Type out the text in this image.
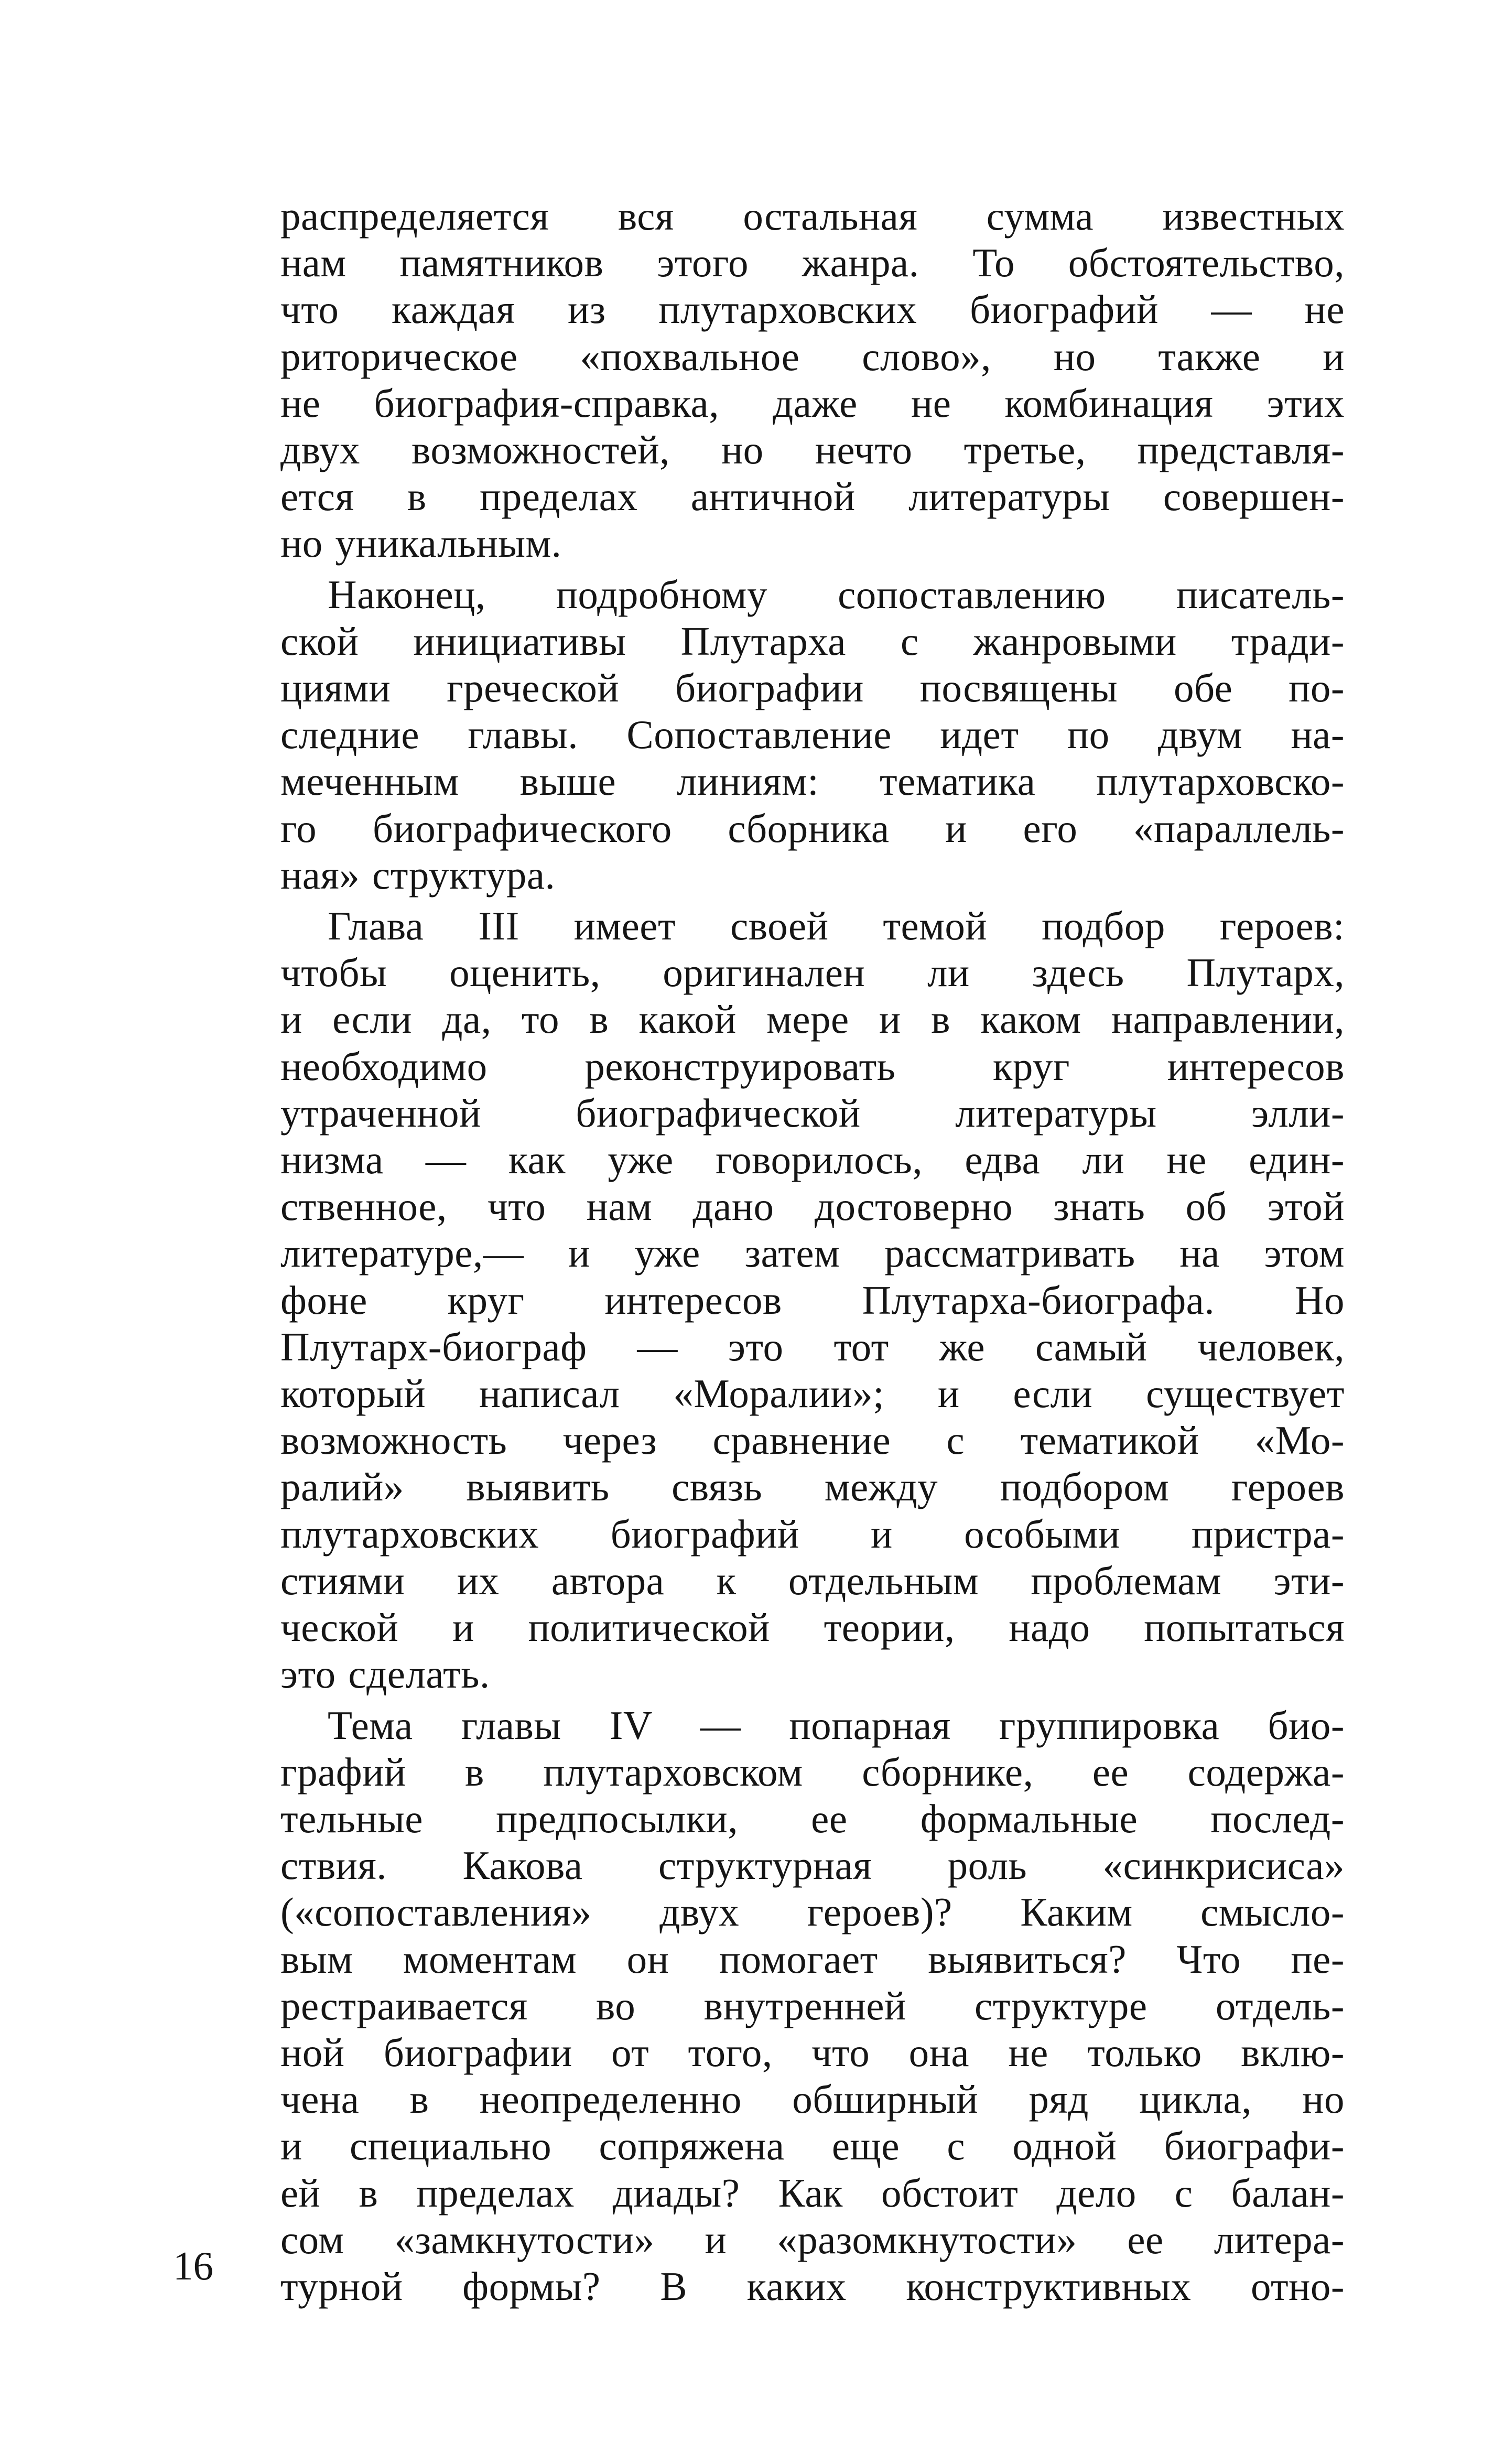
распределяется вся остальная сумма известных
нам памятников этого жанра. То обстоятельство,
что каждая из плутарховских биографий — не
риторическое «похвальное слово», но также и
не биография-справка, даже не комбинация этих
двух возможностей, но нечто третье, представля-
ется в пределах античной литературы совершен-
но уникальным.
Наконец, подробному сопоставлению писатель-
ской инициативы Плутарха с жанровыми тради-
циями греческой биографии посвящены обе по-
следние главы. Сопоставление идет по двум на-
меченным выше линиям: тематика плутарховско-
го биографического сборника и его «параллель-
ная» структура.
Глава III имеет своей темой подбор героев:
чтобы оценить, оригинален ли здесь Плутарх,
и если да, то в какой мере и в каком направлении,
необходимо реконструировать круг интересов
утраченной биографической литературы элли-
низма — как уже говорилось, едва ли не един-
ственное, что нам дано достоверно знать об этой
литературе,— и уже затем рассматривать на этом
фоне круг интересов Плутарха-биографа. Но
Плутарх-биограф — это тот же самый человек,
который написал «Моралии»; и если существует
возможность через сравнение с тематикой «Мо-
ралий» выявить связь между подбором героев
плутарховских биографий и особыми пристра-
стиями их автора к отдельным проблемам эти-
ческой и политической теории, надо попытаться
это сделать.
Тема главы IV — попарная группировка био-
графий в плутарховском сборнике, ее содержа-
тельные предпосылки, ее формальные послед-
ствия. Какова структурная роль «синкрисиса»
(«сопоставления» двух героев)? Каким смысло-
вым моментам он помогает выявиться? Что пе-
рестраивается во внутренней структуре отдель-
ной биографии от того, что она не только вклю-
чена в неопределенно обширный ряд цикла, но
и специально сопряжена еще с одной биографи-
ей в пределах диады? Как обстоит дело с балан-
сом «замкнутости» и «разомкнутости» ее литера-
турной формы? В каких конструктивных отно-
16
